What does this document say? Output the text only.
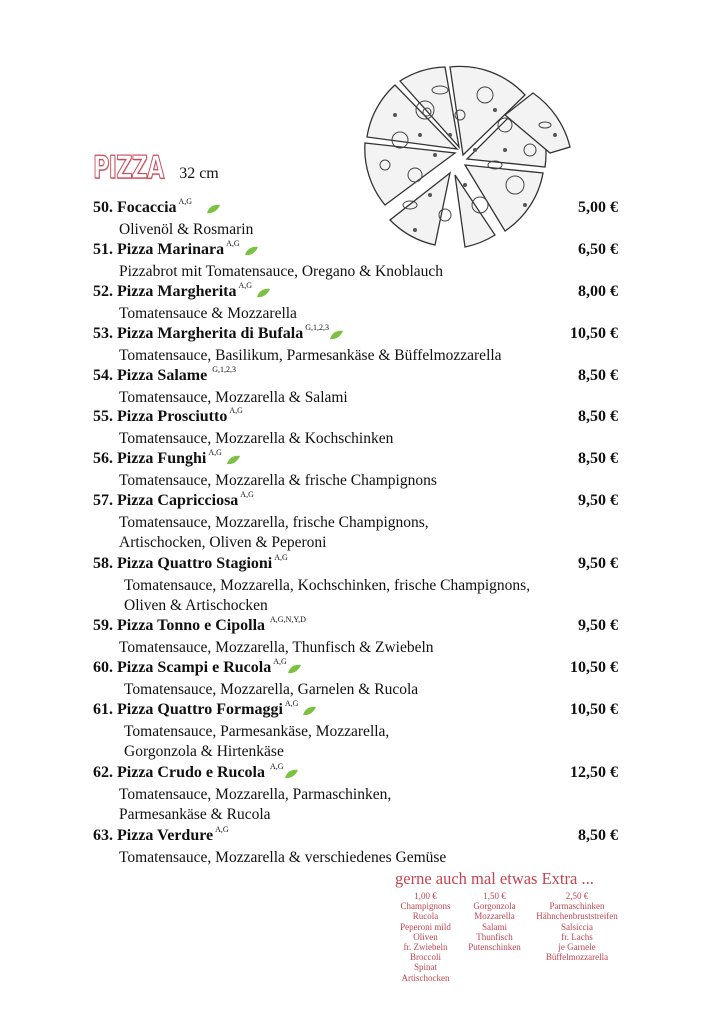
PIZZA 32 cm
50. Focaccia $^{A,G}$	5,00 €
Olivenöl & Rosmarin
51. Pizza Marinara $^{A,G}$	6,50 €
Pizzabrot mit Tomatensauce, Oregano & Knoblauch
52. Pizza Margherita $^{A,G}$	8,00 €
Tomatensauce & Mozzarella
53. Pizza Margherita di Bufala $^{G,1,2,3}$	10,50 €
Tomatensauce, Basilikum, Parmesankäse & Büffelmozzarella
54. Pizza Salame $^{G,1,2,3}$	8,50 €
Tomatensauce, Mozzarella & Salami
55. Pizza Prosciutto $^{A,G}$	8,50 €
Tomatensauce, Mozzarella & Kochschinken
56. Pizza Funghi $^{A,G}$	8,50 €
Tomatensauce, Mozzarella & frische Champignons
57. Pizza Capricciosa $^{A,G}$	9,50 €
Tomatensauce, Mozzarella, frische Champignons,
Artischocken, Oliven & Peperoni
58. Pizza Quattro Stagioni $^{A,G}$	9,50 €
Tomatensauce, Mozzarella, Kochschinken, frische Champignons,
Oliven & Artischocken
59. Pizza Tonno e Cipolla $^{A,G,N,Y,D}$	9,50 €
Tomatensauce, Mozzarella, Thunfisch & Zwiebeln
60. Pizza Scampi e Rucola $^{A,G}$	10,50 €
Tomatensauce, Mozzarella, Garnelen & Rucola
61. Pizza Quattro Formaggi $^{A,G}$	10,50 €
Tomatensauce, Parmesankäse, Mozzarella,
Gorgonzola & Hirtenkäse
62. Pizza Crudo e Rucola $^{A,G}$	12,50 €
Tomatensauce, Mozzarella, Parmaschinken,
Parmesankäse & Rucola
63. Pizza Verdure $^{A,G}$	8,50 €
Tomatensauce, Mozzarella & verschiedenes Gemüse
gerne auch mal etwas Extra ...
1,00 €
Champignons
Rucola
Peperoni mild
Oliven
fr. Zwiebeln
Broccoli
Spinat
Artischocken
1,50 €
Gorgonzola
Mozzarella
Salami
Thunfisch
Putenschinken
2,50 €
Parmaschinken
Hähnchenbruststreifen
Salsiccia
fr. Lachs
je Garnele
Büffelmozzarella
